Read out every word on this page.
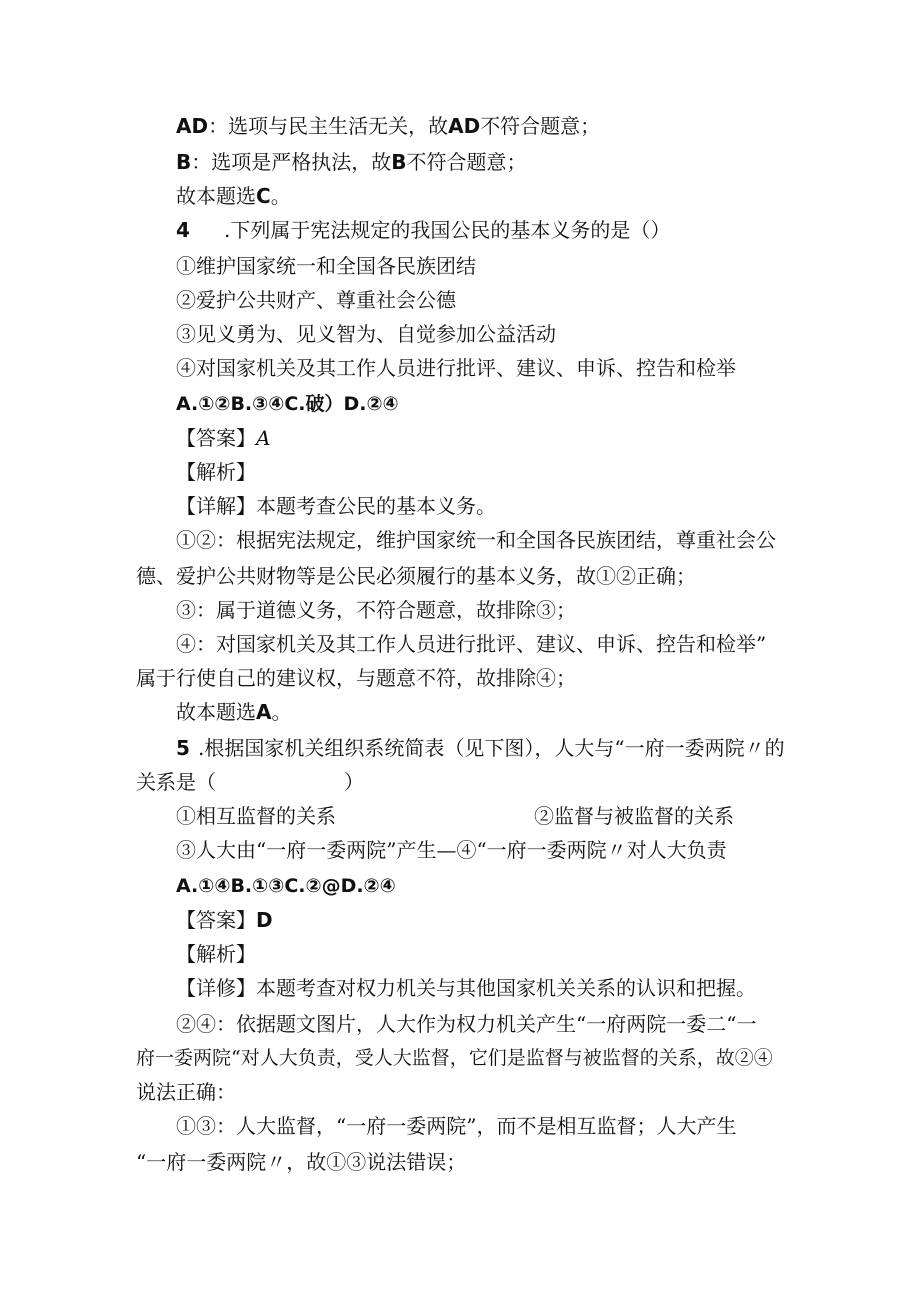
AD：选项与民主生活无关，故AD不符合题意；
B：选项是严格执法，故B不符合题意；
故本题选C。
4 .下列属于宪法规定的我国公民的基本义务的是（）
①维护国家统一和全国各民族团结
②爱护公共财产、尊重社会公德
③见义勇为、见义智为、自觉参加公益活动
④对国家机关及其工作人员进行批评、建议、申诉、控告和检举
A.①②B.③④C.破）D.②④
【答案】A
【解析】
【详解】本题考查公民的基本义务。
①②：根据宪法规定，维护国家统一和全国各民族团结，尊重社会公
德、爱护公共财物等是公民必须履行的基本义务，故①②正确；
③：属于道德义务，不符合题意，故排除③；
④：对国家机关及其工作人员进行批评、建议、申诉、控告和检举”
属于行使自己的建议权，与题意不符，故排除④；
故本题选A。
5 .根据国家机关组织系统简表（见下图），人大与“一府一委两院〃的
关系是（	）
①相互监督的关系	②监督与被监督的关系
③人大由“一府一委两院”产生—④“一府一委两院〃对人大负责
A.①④B.①③C.②@D.②④
【答案】D
【解析】
【详修】本题考查对权力机关与其他国家机关关系的认识和把握。
②④：依据题文图片，人大作为权力机关产生“一府两院一委二“一
府一委两院“对人大负责，受人大监督，它们是监督与被监督的关系，故②④
说法正确：
①③：人大监督，“一府一委两院”，而不是相互监督；人大产生
“一府一委两院〃，故①③说法错误；
